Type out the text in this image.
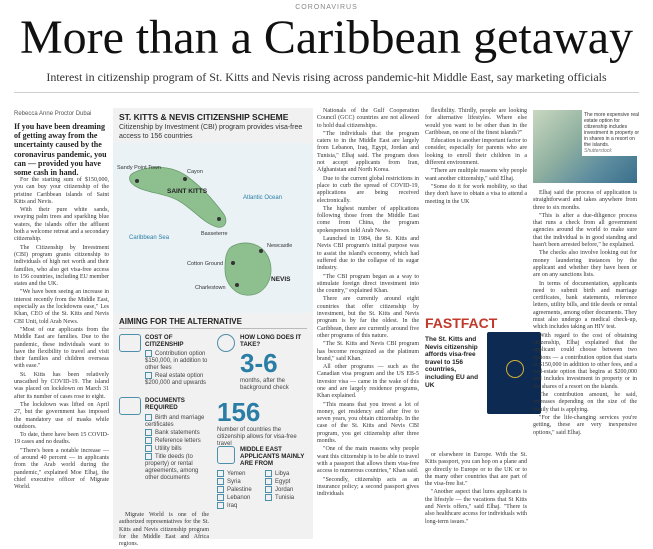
CORONAVIRUS
More than a Caribbean getaway
Interest in citizenship program of St. Kitts and Nevis rising across pandemic-hit Middle East, say marketing officials
Rebecca Anne Proctor Dubai
If you have been dreaming of getting away from the uncertainty caused by the coronavirus pandemic, you can — provided you have some cash in hand.

For the starting sum of $150,000, you can buy your citizenship of the pristine Caribbean islands of Saint Kitts and Nevis.

With their pure white sands, swaying palm trees and sparkling blue waters, the islands offer the affluent both a welcome retreat and a secondary citizenship.

The Citizenship by Investment (CBI) program grants citizenship to individuals of high net worth and their families, who also get visa-free access to 156 countries, including EU member states and the UK.

"We have been seeing an increase in interest recently from the Middle East, especially as the lockdowns ease," Les Khan, CEO of the St. Kitts and Nevis CBI Unit, told Arab News.

"Most of our applicants from the Middle East are families. Due to the pandemic, these individuals want to have the flexibility to travel and visit their families and children overseas with ease."

St. Kitts has been relatively unscathed by COVID-19. The island was placed on lockdown on March 31 after its number of cases rose to eight.

The lockdown was lifted on April 27, but the government has imposed the mandatory use of masks while outdoors.

To date, there have been 15 COVID-19 cases and no deaths.

"There's been a notable increase — of around 40 percent — in applicants from the Arab world during the pandemic," explained Moe Elhaj, the chief executive officer of Migrate World.

ST. KITTS & NEVIS CITIZENSHIP SCHEME
Citizenship by Investment (CBI) program provides visa-free access to 156 countries
Sandy Point Town
Cayon
SAINT KITTS
Basseterre
Atlantic Ocean
Caribbean Sea
Newcastle
Cotton Ground
Charlestown
NEVIS
AIMING FOR THE ALTERNATIVE
COST OF CITIZENSHIP
Contribution option $150,000, in addition to other fees
Real estate option $200,000 and upwards
DOCUMENTS REQUIRED
Birth and marriage certificates
Bank statements
Reference letters
Utility bills
Title deeds (to property) or rental agreements, among other documents
HOW LONG DOES IT TAKE?
3-6
months, after the background check
156
Number of countries the citizenship allows for visa-free travel
MIDDLE EAST APPLICANTS MAINLY ARE FROM
Yemen
Syria
Palestine
Lebanon
Iraq
Libya
Egypt
Jordan
Tunisia

Migrate World is one of the authorized representatives for the St. Kitts and Nevis citizenship program for the Middle East and Africa regions.

Nationals of the Gulf Cooperation Council (GCC) countries are not allowed to hold dual citizenships.

"The individuals that the program caters to in the Middle East are largely from Lebanon, Iraq, Egypt, Jordan and Tunisia," Elhaj said. The program does not accept applicants from Iran, Afghanistan and North Korea.

Due to the current global restrictions in place to curb the spread of COVID-19, applications are being received electronically.

The highest number of applications following those from the Middle East come from China, the program spokesperson told Arab News.

Launched in 1984, the St. Kitts and Nevis CBI program's initial purpose was to assist the island's economy, which had suffered due to the collapse of its sugar industry.

"The CBI program began as a way to stimulate foreign direct investment into the country," explained Khan.

There are currently around eight countries that offer citizenship by investment, but the St. Kitts and Nevis program is by far the oldest. In the Caribbean, there are currently around five other programs of this nature.

"The St. Kitts and Nevis CBI program has become recognized as the platinum brand," said Khan.

All other programs — such as the Canadian visa program and the US EB-5 investor visa — came in the wake of this one and are largely residence programs, Khan explained.

"This means that you invest a lot of money, get residency and after five to seven years, you obtain citizenship. In the case of the St. Kitts and Nevis CBI program, you get citizenship after three months.

"One of the main reasons why people want this citizenship is to be able to travel with a passport that allows them visa-free access to numerous countries," Khan said.

"Secondly, citizenship acts as an insurance policy; a second passport gives individuals

flexibility. Thirdly, people are looking for alternative lifestyles. Where else would you want to be other than in the Caribbean, on one of the finest islands?"

Education is another important factor to consider, especially for parents who are looking to enroll their children in a different environment.

"There are multiple reasons why people want another citizenship," said Elhaj.

"Some do it for work mobility, so that they don't have to obtain a visa to attend a meeting in the UK

FASTFACT
The St. Kitts and Nevis citizenship affords visa-free travel to 156 countries, including EU and UK

or elsewhere in Europe. With the St. Kitts passport, you can hop on a plane and go directly to Europe or to the UK or to the many other countries that are part of the visa-free list."

"Another aspect that lures applicants is the lifestyle — the vacations that St Kitts and Nevis offers," said Elhaj. "There is also healthcare access for individuals with long-term issues."

The more expensive real estate option for citizenship includes investment in property or in shares in a resort on the islands.
Shutterstock

Elhaj said the process of application is straightforward and takes anywhere from three to six months.

"This is after a due-diligence process that runs a check from all government agencies around the world to make sure that the individual is in good standing and hasn't been arrested before," he explained.

The checks also involve looking out for money laundering instances by the applicant and whether they have been or are on any sanctions lists.

In terms of documentation, applicants need to submit birth and marriage certificates, bank statements, reference letters, utility bills, and title deeds or rental agreements, among other documents. They must also undergo a medical check-up, which includes taking an HIV test.

With regard to the cost of obtaining citizenship, Elhaj explained that the applicant could choose between two options — a contribution option that starts at $150,000 in addition to other fees, and a real-estate option that begins at $200,000 and includes investment in property or in the shares of a resort on the islands.

The contribution amount, he said, increases depending on the size of the family that is applying.

"For the life-changing services you're getting, these are very inexpensive options," said Elhaj.
